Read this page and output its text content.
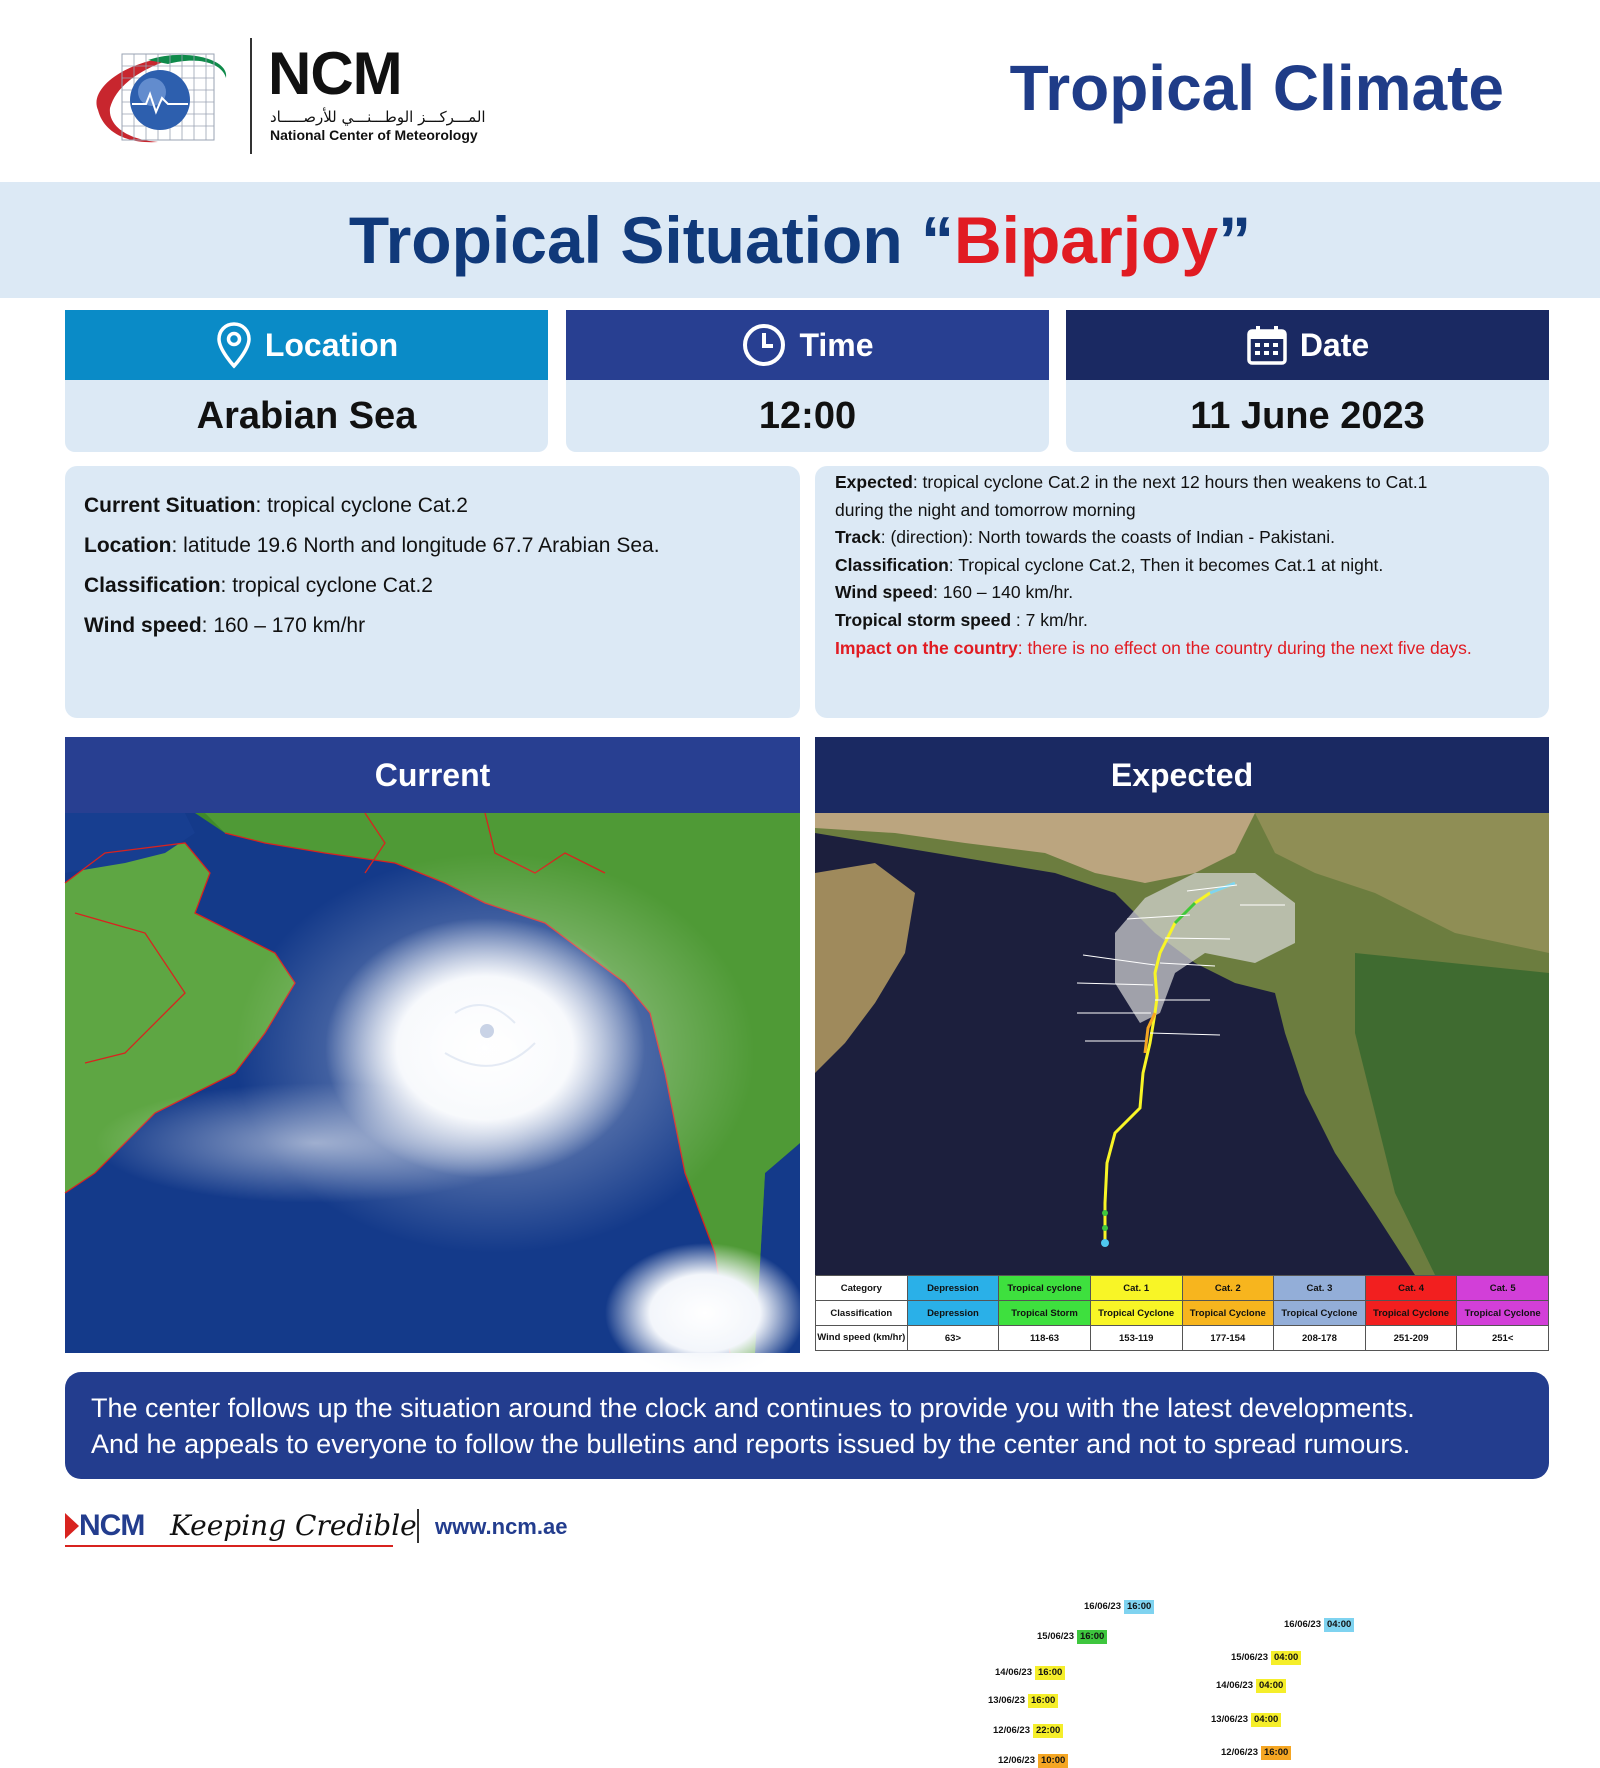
NCM
المـــركـــز الوطـــنـــي للأرصـــــاد
National Center of Meteorology
Tropical Climate
Tropical Situation “Biparjoy”
Location
Arabian Sea
Time
12:00
Date
11 June 2023
Current Situation: tropical cyclone Cat.2
Location: latitude 19.6 North and longitude 67.7 Arabian Sea.
Classification: tropical cyclone Cat.2
Wind speed: 160 – 170 km/hr
Expected: tropical cyclone Cat.2 in the next 12 hours then weakens to Cat.1
during the night and tomorrow morning
Track: (direction): North towards the coasts of Indian - Pakistani.
Classification: Tropical cyclone Cat.2, Then it becomes Cat.1 at night.
Wind speed: 160 – 140 km/hr.
Tropical storm speed : 7 km/hr.
Impact on the country: there is no effect on the country during the next five days.
Current	Expected
16/06/23 16:00
15/06/23 16:00
14/06/23 16:00
13/06/23 16:00
12/06/23 22:00
12/06/23 10:00
16/06/23 04:00
15/06/23 04:00
14/06/23 04:00
13/06/23 04:00
12/06/23 16:00
Category	Depression	Tropical cyclone	Cat. 1	Cat. 2	Cat. 3	Cat. 4	Cat. 5
Classification	Depression	Tropical Storm	Tropical Cyclone	Tropical Cyclone	Tropical Cyclone	Tropical Cyclone	Tropical Cyclone
Wind speed (km/hr)	63>	118-63	153-119	177-154	208-178	251-209	251<
The center follows up the situation around the clock and continues to provide you with the latest developments.
And he appeals to everyone to follow the bulletins and reports issued by the center and not to spread rumours.
NCM Keeping Credible www.ncm.ae
